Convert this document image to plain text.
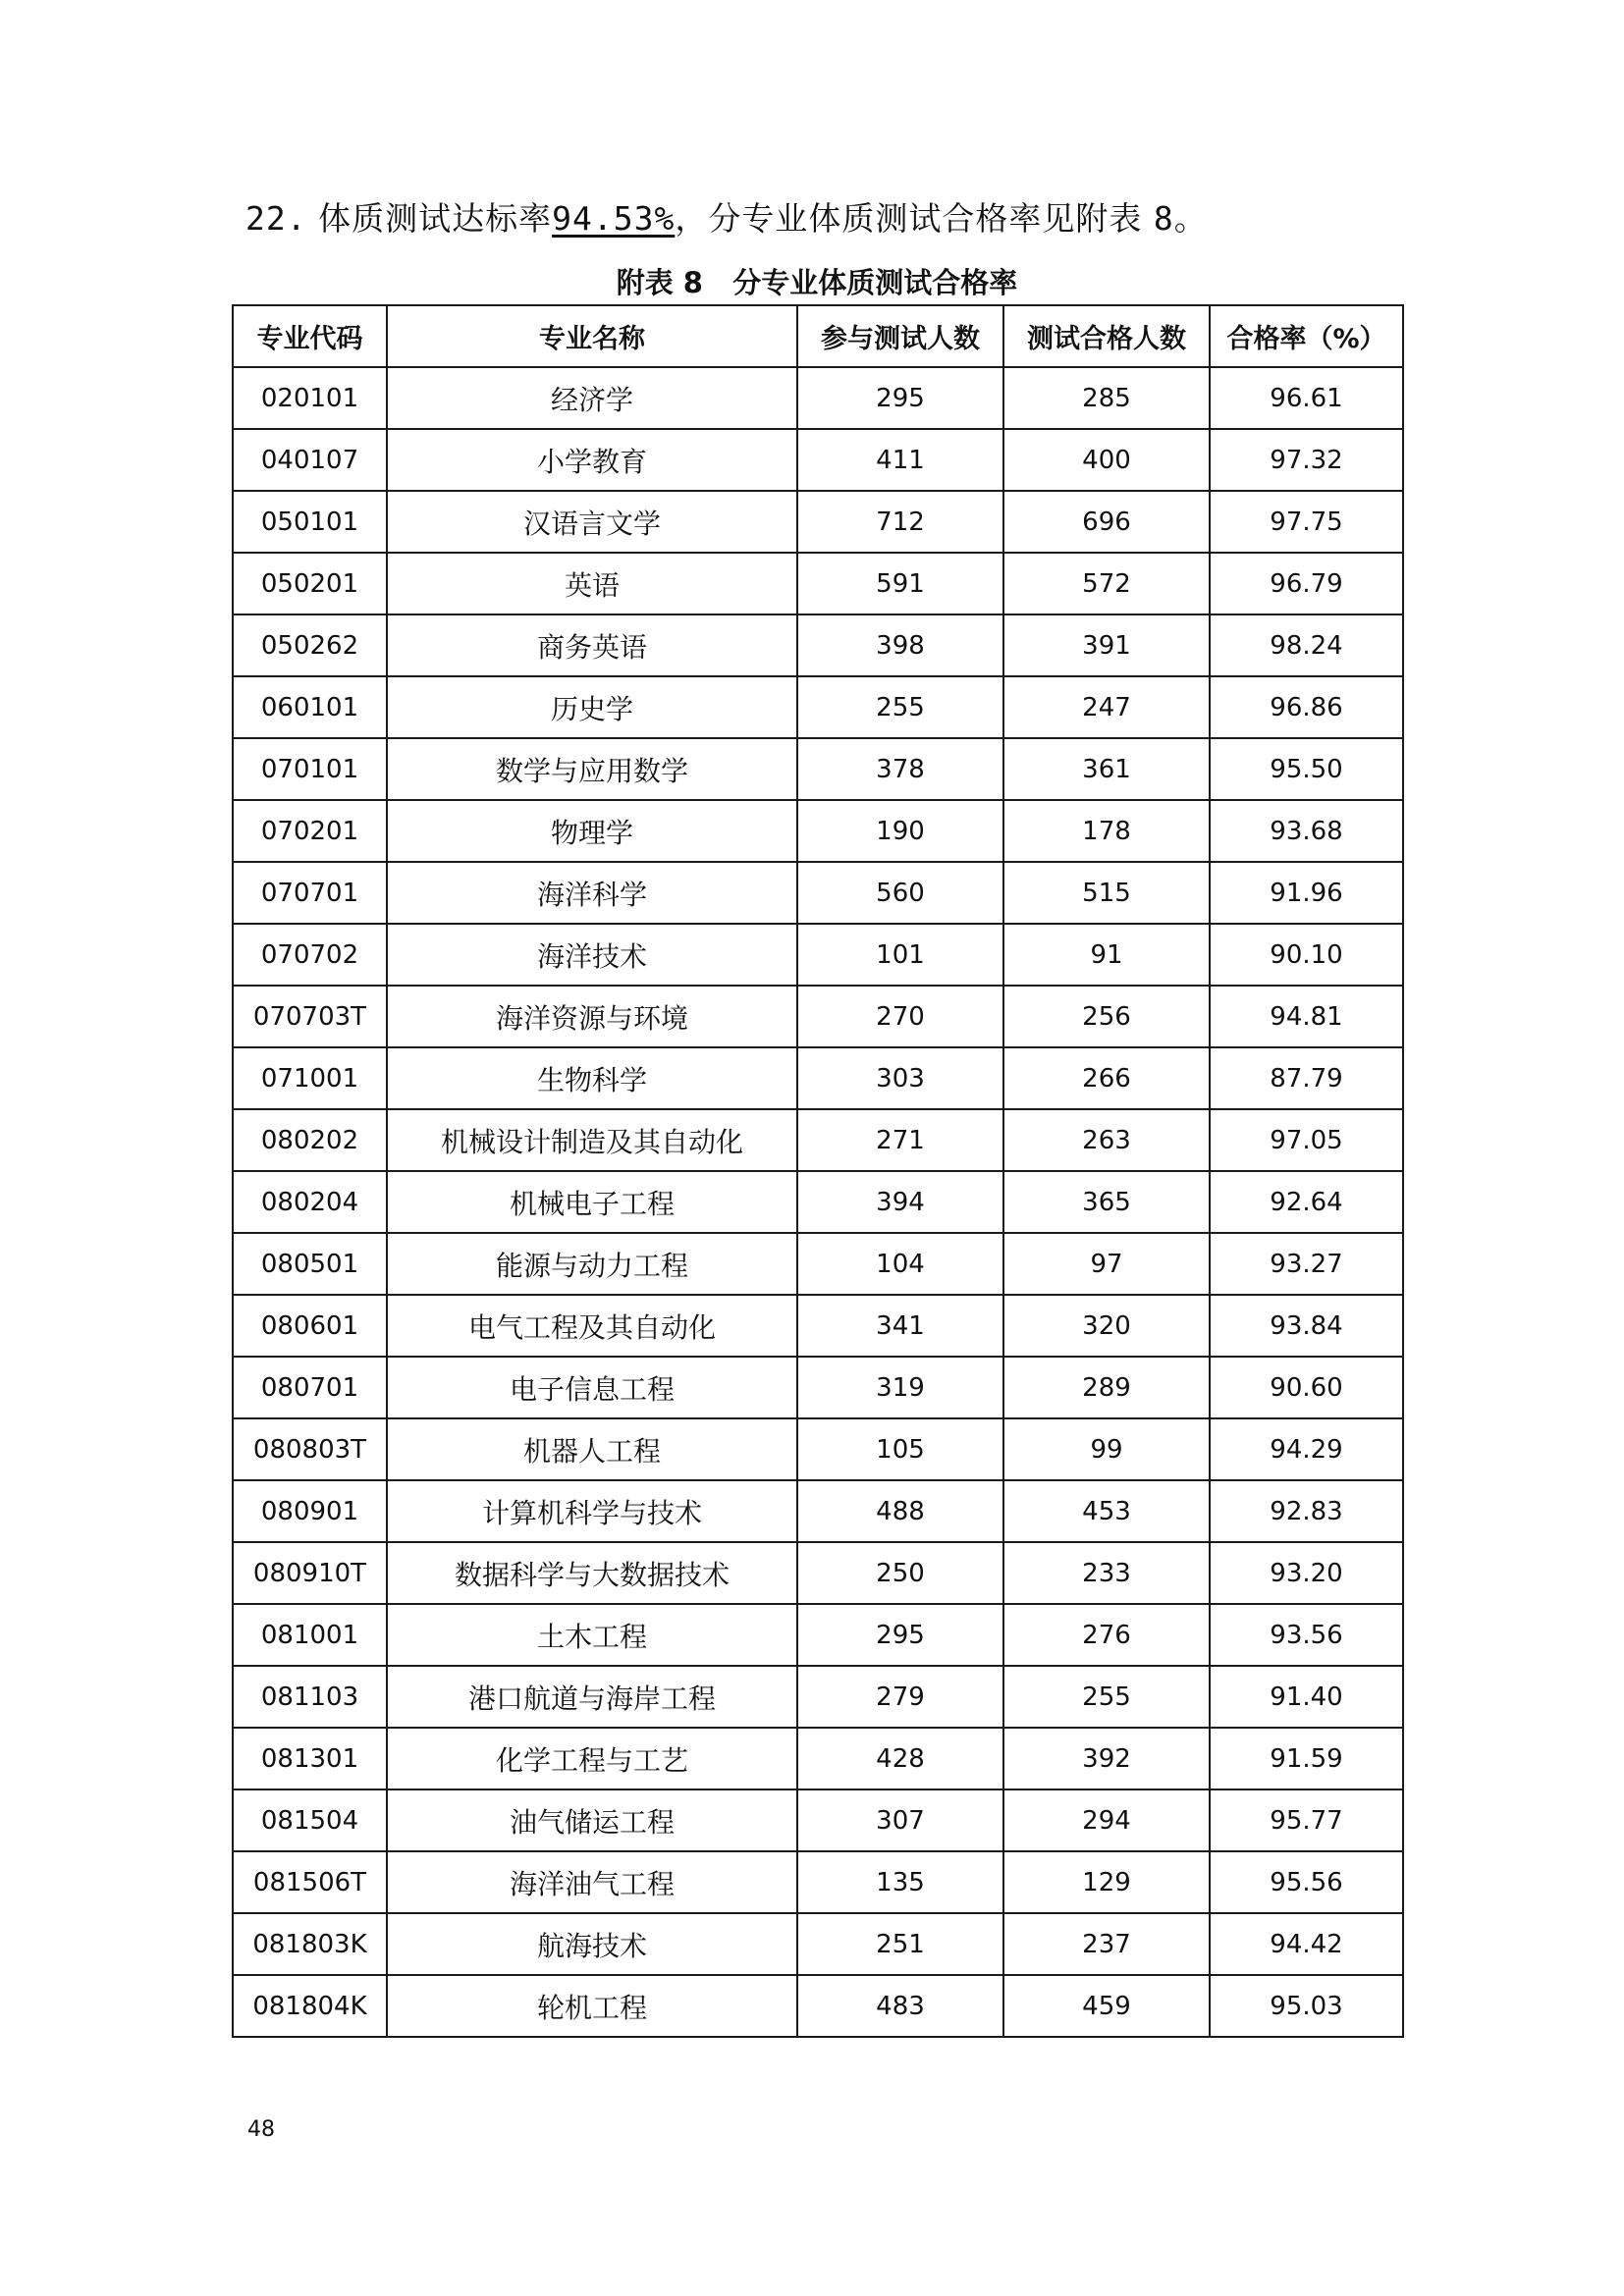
22. 体质测试达标率94.53%，分专业体质测试合格率见附表 8。

附表 8 分专业体质测试合格率
专业代码	专业名称	参与测试人数	测试合格人数	合格率（%）
020101	经济学	295	285	96.61
040107	小学教育	411	400	97.32
050101	汉语言文学	712	696	97.75
050201	英语	591	572	96.79
050262	商务英语	398	391	98.24
060101	历史学	255	247	96.86
070101	数学与应用数学	378	361	95.50
070201	物理学	190	178	93.68
070701	海洋科学	560	515	91.96
070702	海洋技术	101	91	90.10
070703T	海洋资源与环境	270	256	94.81
071001	生物科学	303	266	87.79
080202	机械设计制造及其自动化	271	263	97.05
080204	机械电子工程	394	365	92.64
080501	能源与动力工程	104	97	93.27
080601	电气工程及其自动化	341	320	93.84
080701	电子信息工程	319	289	90.60
080803T	机器人工程	105	99	94.29
080901	计算机科学与技术	488	453	92.83
080910T	数据科学与大数据技术	250	233	93.20
081001	土木工程	295	276	93.56
081103	港口航道与海岸工程	279	255	91.40
081301	化学工程与工艺	428	392	91.59
081504	油气储运工程	307	294	95.77
081506T	海洋油气工程	135	129	95.56
081803K	航海技术	251	237	94.42
081804K	轮机工程	483	459	95.03
48
